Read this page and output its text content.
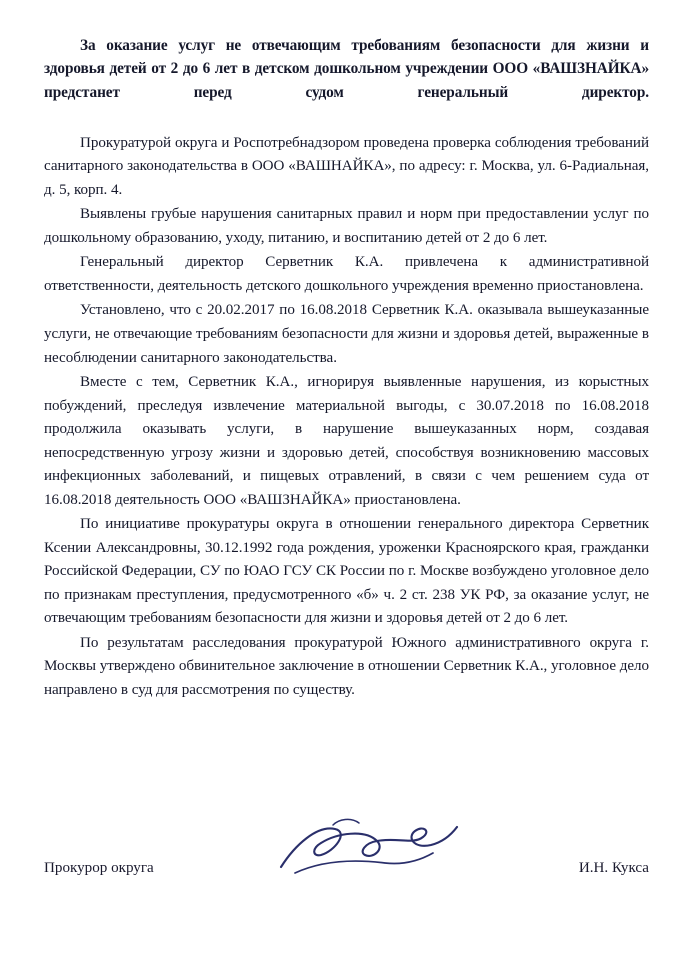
За оказание услуг не отвечающим требованиям безопасности для жизни и здоровья детей от 2 до 6 лет в детском дошкольном учреждении ООО «ВАШЗНАЙКА» предстанет перед судом генеральный директор.

Прокуратурой округа и Роспотребнадзором проведена проверка соблюдения требований санитарного законодательства в ООО «ВАШНАЙКА», по адресу: г. Москва, ул. 6-Радиальная, д. 5, корп. 4.

Выявлены грубые нарушения санитарных правил и норм при предоставлении услуг по дошкольному образованию, уходу, питанию, и воспитанию детей от 2 до 6 лет.

Генеральный директор Серветник К.А. привлечена к административной ответственности, деятельность детского дошкольного учреждения временно приостановлена.

Установлено, что с 20.02.2017 по 16.08.2018 Серветник К.А. оказывала вышеуказанные услуги, не отвечающие требованиям безопасности для жизни и здоровья детей, выраженные в несоблюдении санитарного законодательства.

Вместе с тем, Серветник К.А., игнорируя выявленные нарушения, из корыстных побуждений, преследуя извлечение материальной выгоды, с 30.07.2018 по 16.08.2018 продолжила оказывать услуги, в нарушение вышеуказанных норм, создавая непосредственную угрозу жизни и здоровью детей, способствуя возникновению массовых инфекционных заболеваний, и пищевых отравлений, в связи с чем решением суда от 16.08.2018 деятельность ООО «ВАШЗНАЙКА» приостановлена.

По инициативе прокуратуры округа в отношении генерального директора Серветник Ксении Александровны, 30.12.1992 года рождения, уроженки Красноярского края, гражданки Российской Федерации, СУ по ЮАО ГСУ СК России по г. Москве возбуждено уголовное дело по признакам преступления, предусмотренного «б» ч. 2 ст. 238 УК РФ, за оказание услуг, не отвечающим требованиям безопасности для жизни и здоровья детей от 2 до 6 лет.

По результатам расследования прокуратурой Южного административного округа г. Москвы утверждено обвинительное заключение в отношении Серветник К.А., уголовное дело направлено в суд для рассмотрения по существу.

Прокурор округа	И.Н. Кукса
